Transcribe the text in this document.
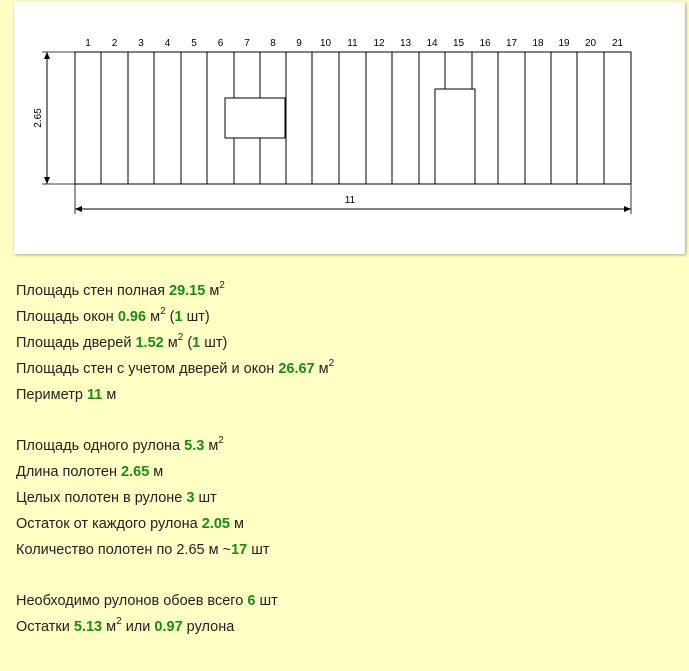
1 2 3 4 5 6 7 8 9 10 11 12 13 14 15 16 17 18 19 20 21
2.65
11
Площадь стен полная 29.15 $м^2$
Площадь окон 0.96 $м^2$ (1 шт)
Площадь дверей 1.52 $м^2$ (1 шт)
Площадь стен с учетом дверей и окон 26.67 $м^2$
Периметр 11 м
Площадь одного рулона 5.3 $м^2$
Длина полотен 2.65 м
Целых полотен в рулоне 3 шт
Остаток от каждого рулона 2.05 м
Количество полотен по 2.65 м ~17 шт
Необходимо рулонов обоев всего 6 шт
Остатки 5.13 $м^2$ или 0.97 рулона
